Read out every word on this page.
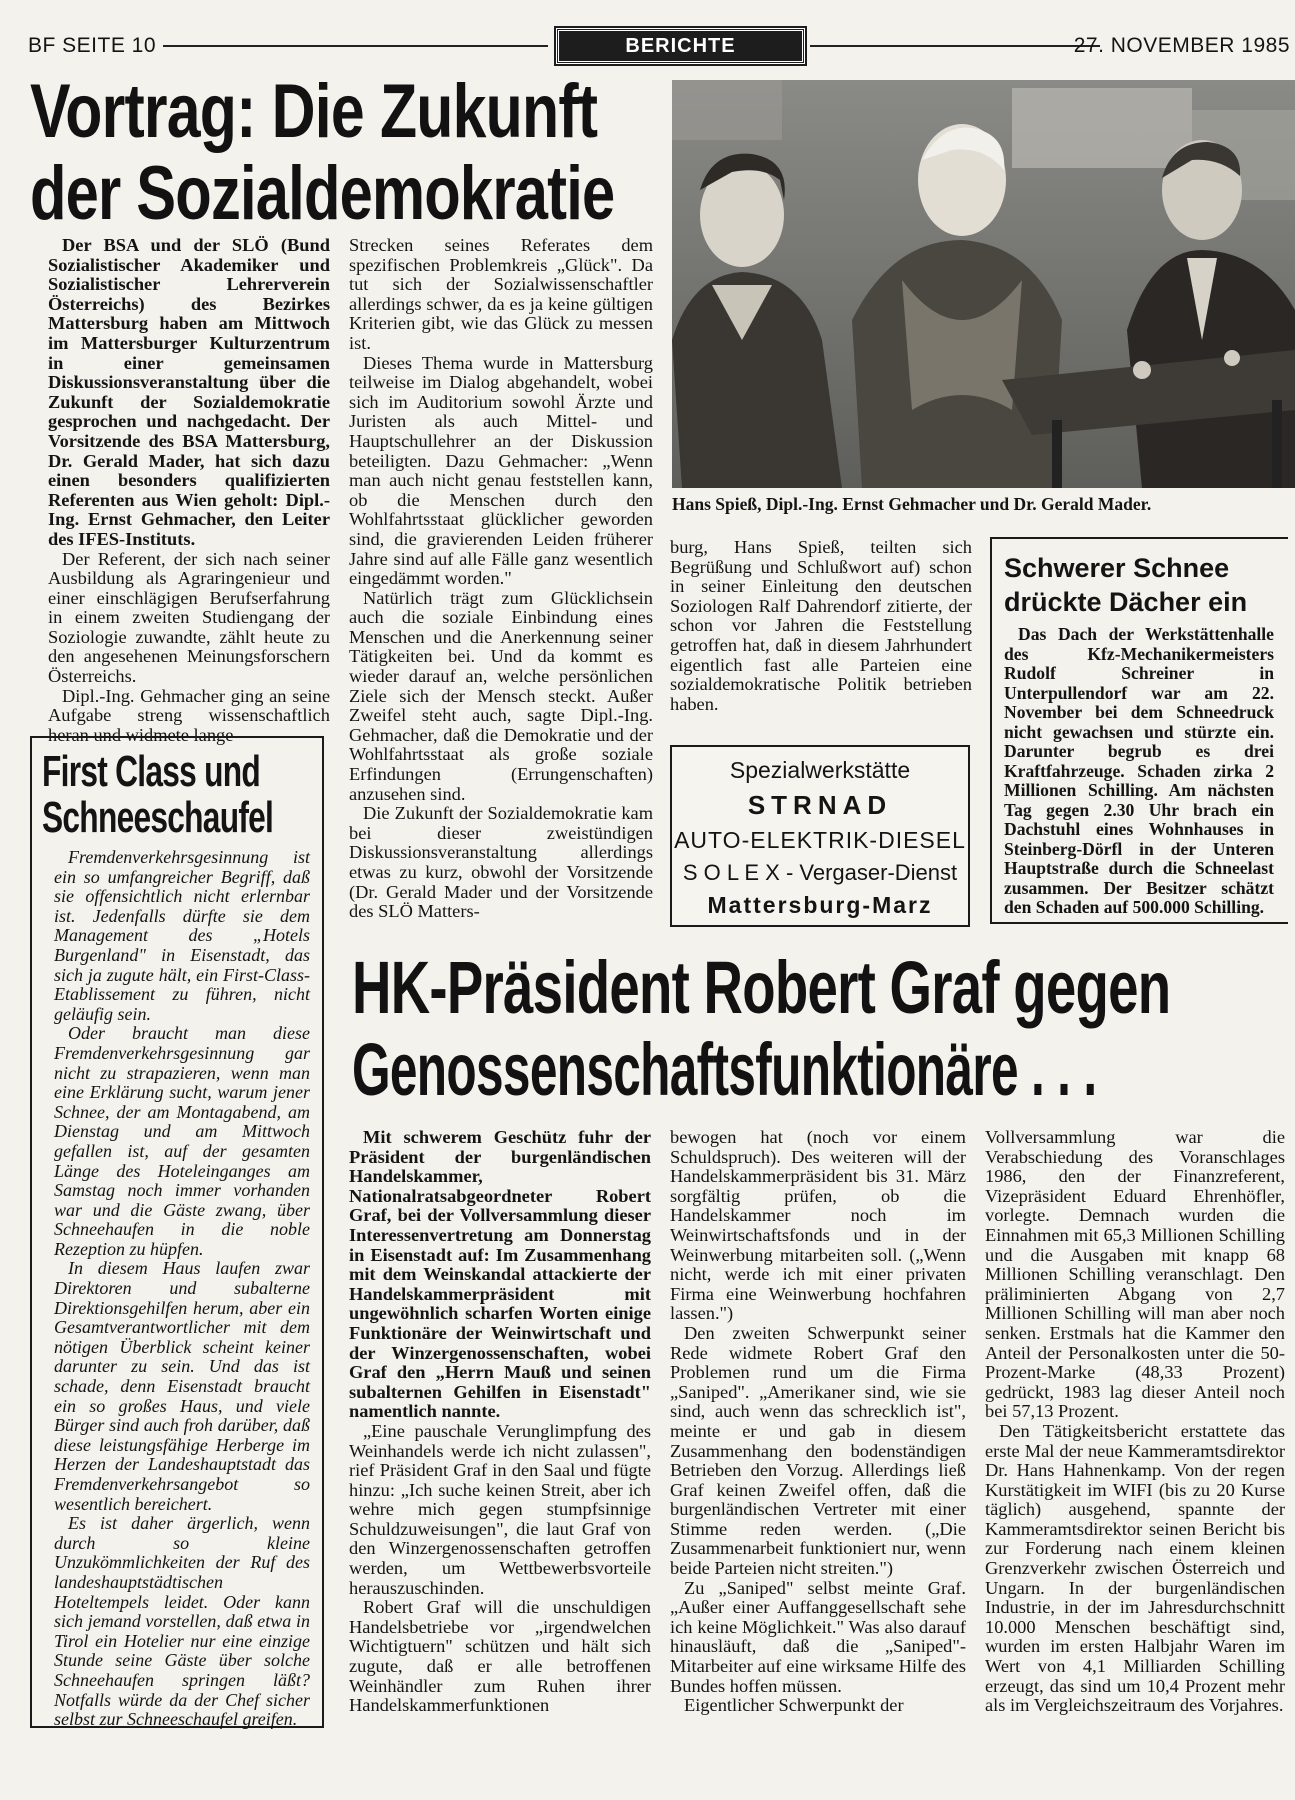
BF SEITE 10	BERICHTE	27. NOVEMBER 1985
Vortrag: Die Zukunft
der Sozialdemokratie

Der BSA und der SLÖ (Bund Sozialistischer Akademiker und Sozialistischer Lehrerverein Österreichs) des Bezirkes Mattersburg haben am Mittwoch im Mattersburger Kulturzentrum in einer gemeinsamen Diskussionsveranstaltung über die Zukunft der Sozialdemokratie gesprochen und nachgedacht. Der Vorsitzende des BSA Mattersburg, Dr. Gerald Mader, hat sich dazu einen besonders qualifizierten Referenten aus Wien geholt: Dipl.-Ing. Ernst Gehmacher, den Leiter des IFES-Instituts.

Der Referent, der sich nach seiner Ausbildung als Agraringenieur und einer einschlägigen Berufserfahrung in einem zweiten Studiengang der Soziologie zuwandte, zählt heute zu den angesehenen Meinungsforschern Österreichs.

Dipl.-Ing. Gehmacher ging an seine Aufgabe streng wissenschaftlich heran und widmete lange

Strecken seines Referates dem spezifischen Problemkreis „Glück". Da tut sich der Sozialwissenschaftler allerdings schwer, da es ja keine gültigen Kriterien gibt, wie das Glück zu messen ist.

Dieses Thema wurde in Mattersburg teilweise im Dialog abgehandelt, wobei sich im Auditorium sowohl Ärzte und Juristen als auch Mittel- und Hauptschullehrer an der Diskussion beteiligten. Dazu Gehmacher: „Wenn man auch nicht genau feststellen kann, ob die Menschen durch den Wohlfahrtsstaat glücklicher geworden sind, die gravierenden Leiden früherer Jahre sind auf alle Fälle ganz wesentlich eingedämmt worden."

Natürlich trägt zum Glücklichsein auch die soziale Einbindung eines Menschen und die Anerkennung seiner Tätigkeiten bei. Und da kommt es wieder darauf an, welche persönlichen Ziele sich der Mensch steckt. Außer Zweifel steht auch, sagte Dipl.-Ing. Gehmacher, daß die Demokratie und der Wohlfahrtsstaat als große soziale Erfindungen (Errungenschaften) anzusehen sind.

Die Zukunft der Sozialdemokratie kam bei dieser zweistündigen Diskussionsveranstaltung allerdings etwas zu kurz, obwohl der Vorsitzende (Dr. Gerald Mader und der Vorsitzende des SLÖ Matters-

Hans Spieß, Dipl.-Ing. Ernst Gehmacher und Dr. Gerald Mader.

burg, Hans Spieß, teilten sich Begrüßung und Schlußwort auf) schon in seiner Einleitung den deutschen Soziologen Ralf Dahrendorf zitierte, der schon vor Jahren die Feststellung getroffen hat, daß in diesem Jahrhundert eigentlich fast alle Parteien eine sozialdemokratische Politik betrieben haben.

Spezialwerkstätte
STRNAD
AUTO-ELEKTRIK-DIESEL
S O L E X - Vergaser-Dienst
Mattersburg-Marz
Schwerer Schnee
drückte Dächer ein

Das Dach der Werkstättenhalle des Kfz-Mechanikermeisters Rudolf Schreiner in Unterpullendorf war am 22. November bei dem Schneedruck nicht gewachsen und stürzte ein. Darunter begrub es drei Kraftfahrzeuge. Schaden zirka 2 Millionen Schilling. Am nächsten Tag gegen 2.30 Uhr brach ein Dachstuhl eines Wohnhauses in Steinberg-Dörfl in der Unteren Hauptstraße durch die Schneelast zusammen. Der Besitzer schätzt den Schaden auf 500.000 Schilling.

First Class und
Schneeschaufel

Fremdenverkehrsgesinnung ist ein so umfangreicher Begriff, daß sie offensichtlich nicht erlernbar ist. Jedenfalls dürfte sie dem Management des „Hotels Burgenland" in Eisenstadt, das sich ja zugute hält, ein First-Class-Etablissement zu führen, nicht geläufig sein.

Oder braucht man diese Fremdenverkehrsgesinnung gar nicht zu strapazieren, wenn man eine Erklärung sucht, warum jener Schnee, der am Montagabend, am Dienstag und am Mittwoch gefallen ist, auf der gesamten Länge des Hoteleinganges am Samstag noch immer vorhanden war und die Gäste zwang, über Schneehaufen in die noble Rezeption zu hüpfen.

In diesem Haus laufen zwar Direktoren und subalterne Direktionsgehilfen herum, aber ein Gesamtverantwortlicher mit dem nötigen Überblick scheint keiner darunter zu sein. Und das ist schade, denn Eisenstadt braucht ein so großes Haus, und viele Bürger sind auch froh darüber, daß diese leistungsfähige Herberge im Herzen der Landeshauptstadt das Fremdenverkehrsangebot so wesentlich bereichert.

Es ist daher ärgerlich, wenn durch so kleine Unzukömmlichkeiten der Ruf des landeshauptstädtischen Hoteltempels leidet. Oder kann sich jemand vorstellen, daß etwa in Tirol ein Hotelier nur eine einzige Stunde seine Gäste über solche Schneehaufen springen läßt? Notfalls würde da der Chef sicher selbst zur Schneeschaufel greifen.

HK-Präsident Robert Graf gegen
Genossenschaftsfunktionäre . . .

Mit schwerem Geschütz fuhr der Präsident der burgenländischen Handelskammer, Nationalratsabgeordneter Robert Graf, bei der Vollversammlung dieser Interessenvertretung am Donnerstag in Eisenstadt auf: Im Zusammenhang mit dem Weinskandal attackierte der Handelskammerpräsident mit ungewöhnlich scharfen Worten einige Funktionäre der Weinwirtschaft und der Winzergenossenschaften, wobei Graf den „Herrn Mauß und seinen subalternen Gehilfen in Eisenstadt" namentlich nannte.

„Eine pauschale Verunglimpfung des Weinhandels werde ich nicht zulassen", rief Präsident Graf in den Saal und fügte hinzu: „Ich suche keinen Streit, aber ich wehre mich gegen stumpfsinnige Schuldzuweisungen", die laut Graf von den Winzergenossenschaften getroffen werden, um Wettbewerbsvorteile herauszuschinden.

Robert Graf will die unschuldigen Handelsbetriebe vor „irgendwelchen Wichtigtuern" schützen und hält sich zugute, daß er alle betroffenen Weinhändler zum Ruhen ihrer Handelskammerfunktionen

bewogen hat (noch vor einem Schuldspruch). Des weiteren will der Handelskammerpräsident bis 31. März sorgfältig prüfen, ob die Handelskammer noch im Weinwirtschaftsfonds und in der Weinwerbung mitarbeiten soll. („Wenn nicht, werde ich mit einer privaten Firma eine Weinwerbung hochfahren lassen.")

Den zweiten Schwerpunkt seiner Rede widmete Robert Graf den Problemen rund um die Firma „Saniped". „Amerikaner sind, wie sie sind, auch wenn das schrecklich ist", meinte er und gab in diesem Zusammenhang den bodenständigen Betrieben den Vorzug. Allerdings ließ Graf keinen Zweifel offen, daß die burgenländischen Vertreter mit einer Stimme reden werden. („Die Zusammenarbeit funktioniert nur, wenn beide Parteien nicht streiten.")

Zu „Saniped" selbst meinte Graf. „Außer einer Auffanggesellschaft sehe ich keine Möglichkeit." Was also darauf hinausläuft, daß die „Saniped"-Mitarbeiter auf eine wirksame Hilfe des Bundes hoffen müssen.

Eigentlicher Schwerpunkt der

Vollversammlung war die Verabschiedung des Voranschlages 1986, den der Finanzreferent, Vizepräsident Eduard Ehrenhöfler, vorlegte. Demnach wurden die Einnahmen mit 65,3 Millionen Schilling und die Ausgaben mit knapp 68 Millionen Schilling veranschlagt. Den präliminierten Abgang von 2,7 Millionen Schilling will man aber noch senken. Erstmals hat die Kammer den Anteil der Personalkosten unter die 50-Prozent-Marke (48,33 Prozent) gedrückt, 1983 lag dieser Anteil noch bei 57,13 Prozent.

Den Tätigkeitsbericht erstattete das erste Mal der neue Kammeramtsdirektor Dr. Hans Hahnenkamp. Von der regen Kurstätigkeit im WIFI (bis zu 20 Kurse täglich) ausgehend, spannte der Kammeramtsdirektor seinen Bericht bis zur Forderung nach einem kleinen Grenzverkehr zwischen Österreich und Ungarn. In der burgenländischen Industrie, in der im Jahresdurchschnitt 10.000 Menschen beschäftigt sind, wurden im ersten Halbjahr Waren im Wert von 4,1 Milliarden Schilling erzeugt, das sind um 10,4 Prozent mehr als im Vergleichszeitraum des Vorjahres.
